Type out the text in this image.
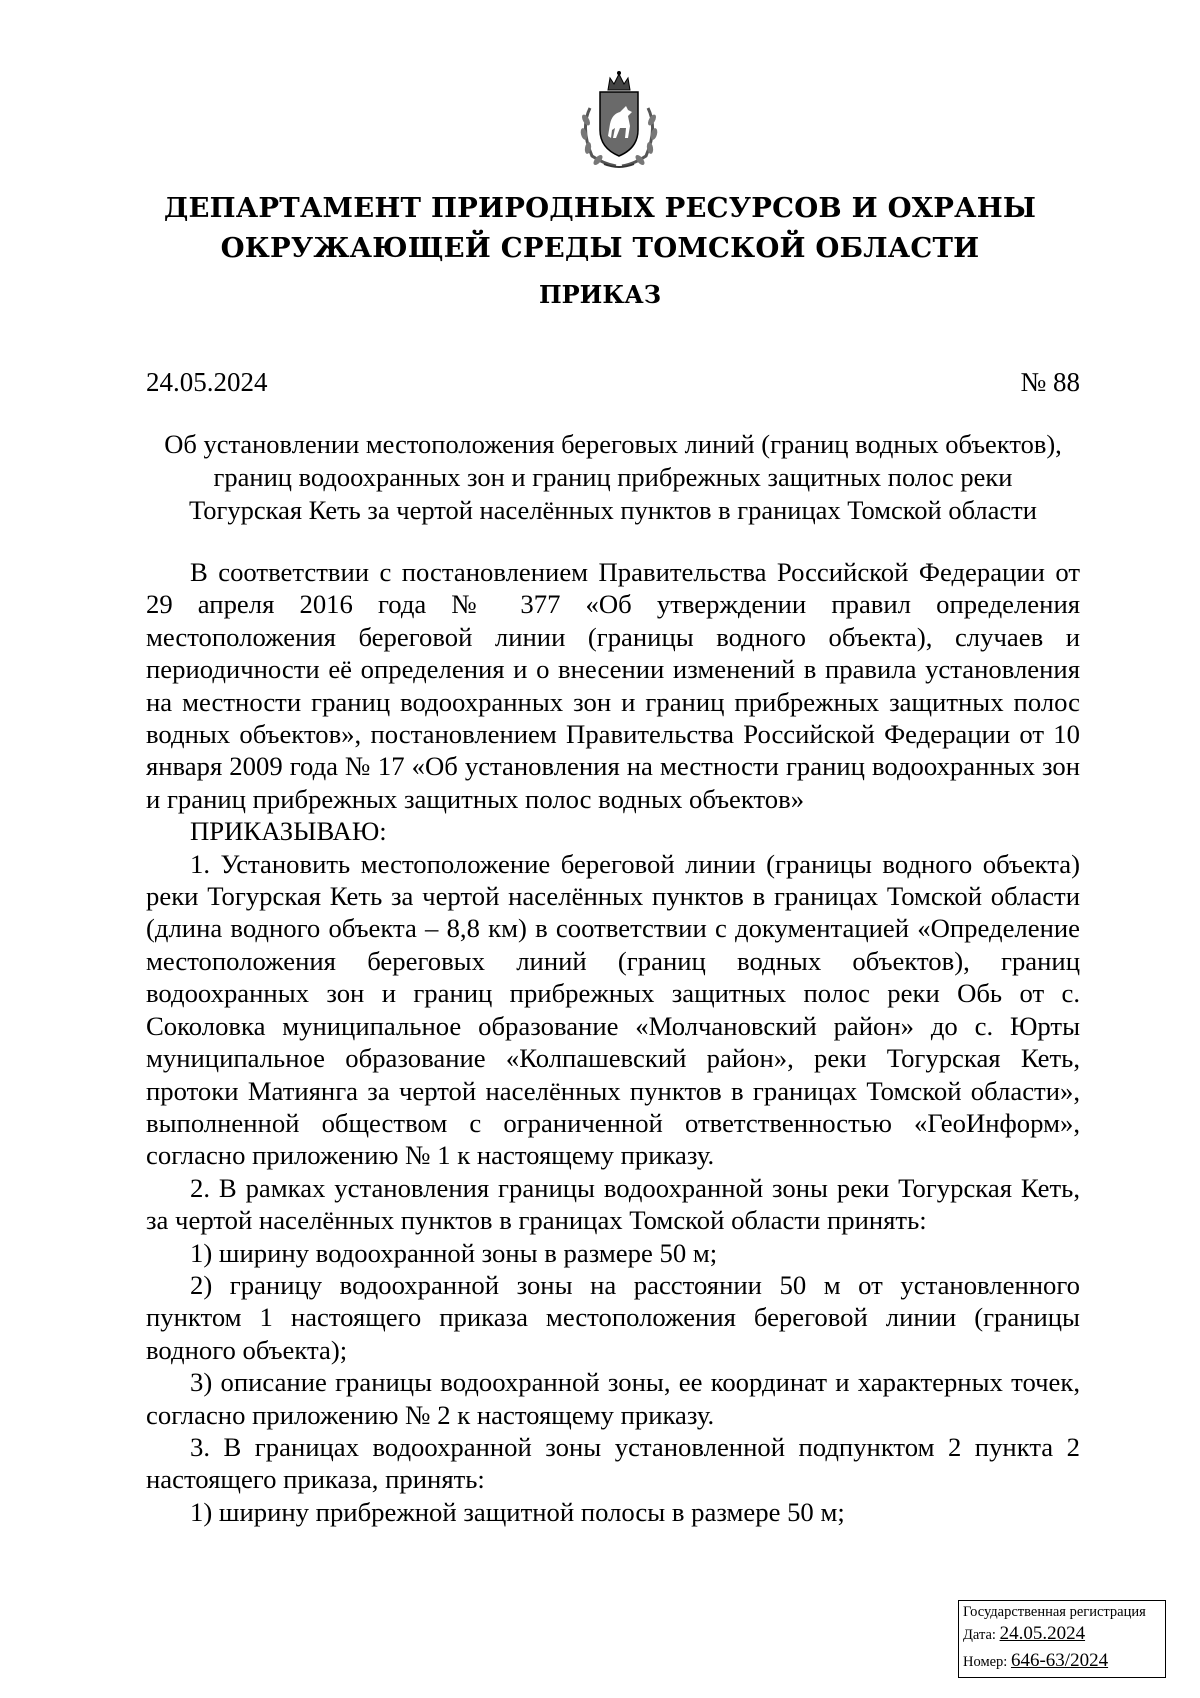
ДЕПАРТАМЕНТ ПРИРОДНЫХ РЕСУРСОВ И ОХРАНЫ
ОКРУЖАЮЩЕЙ СРЕДЫ ТОМСКОЙ ОБЛАСТИ
ПРИКАЗ
24.05.2024	№ 88
Об установлении местоположения береговых линий (границ водных объектов),
границ водоохранных зон и границ прибрежных защитных полос реки
Тогурская Кеть за чертой населённых пунктов в границах Томской области

В соответствии с постановлением Правительства Российской Федерации от 29 апреля 2016 года № 377 «Об утверждении правил определения местоположения береговой линии (границы водного объекта), случаев и периодичности её определения и о внесении изменений в правила установления на местности границ водоохранных зон и границ прибрежных защитных полос водных объектов», постановлением Правительства Российской Федерации от 10 января 2009 года № 17 «Об установления на местности границ водоохранных зон и границ прибрежных защитных полос водных объектов»

ПРИКАЗЫВАЮ:

1. Установить местоположение береговой линии (границы водного объекта) реки Тогурская Кеть за чертой населённых пунктов в границах Томской области (длина водного объекта – 8,8 км) в соответствии с документацией «Определение местоположения береговых линий (границ водных объектов), границ водоохранных зон и границ прибрежных защитных полос реки Обь от с. Соколовка муниципальное образование «Молчановский район» до с. Юрты муниципальное образование «Колпашевский район», реки Тогурская Кеть, протоки Матиянга за чертой населённых пунктов в границах Томской области», выполненной обществом с ограниченной ответственностью «ГеоИнформ», согласно приложению № 1 к настоящему приказу.

2. В рамках установления границы водоохранной зоны реки Тогурская Кеть, за чертой населённых пунктов в границах Томской области принять:

1) ширину водоохранной зоны в размере 50 м;

2) границу водоохранной зоны на расстоянии 50 м от установленного пунктом 1 настоящего приказа местоположения береговой линии (границы водного объекта);

3) описание границы водоохранной зоны, ее координат и характерных точек, согласно приложению № 2 к настоящему приказу.

3. В границах водоохранной зоны установленной подпунктом 2 пункта 2 настоящего приказа, принять:

1) ширину прибрежной защитной полосы в размере 50 м;

Государственная регистрация
Дата: 24.05.2024
Номер: 646-63/2024
